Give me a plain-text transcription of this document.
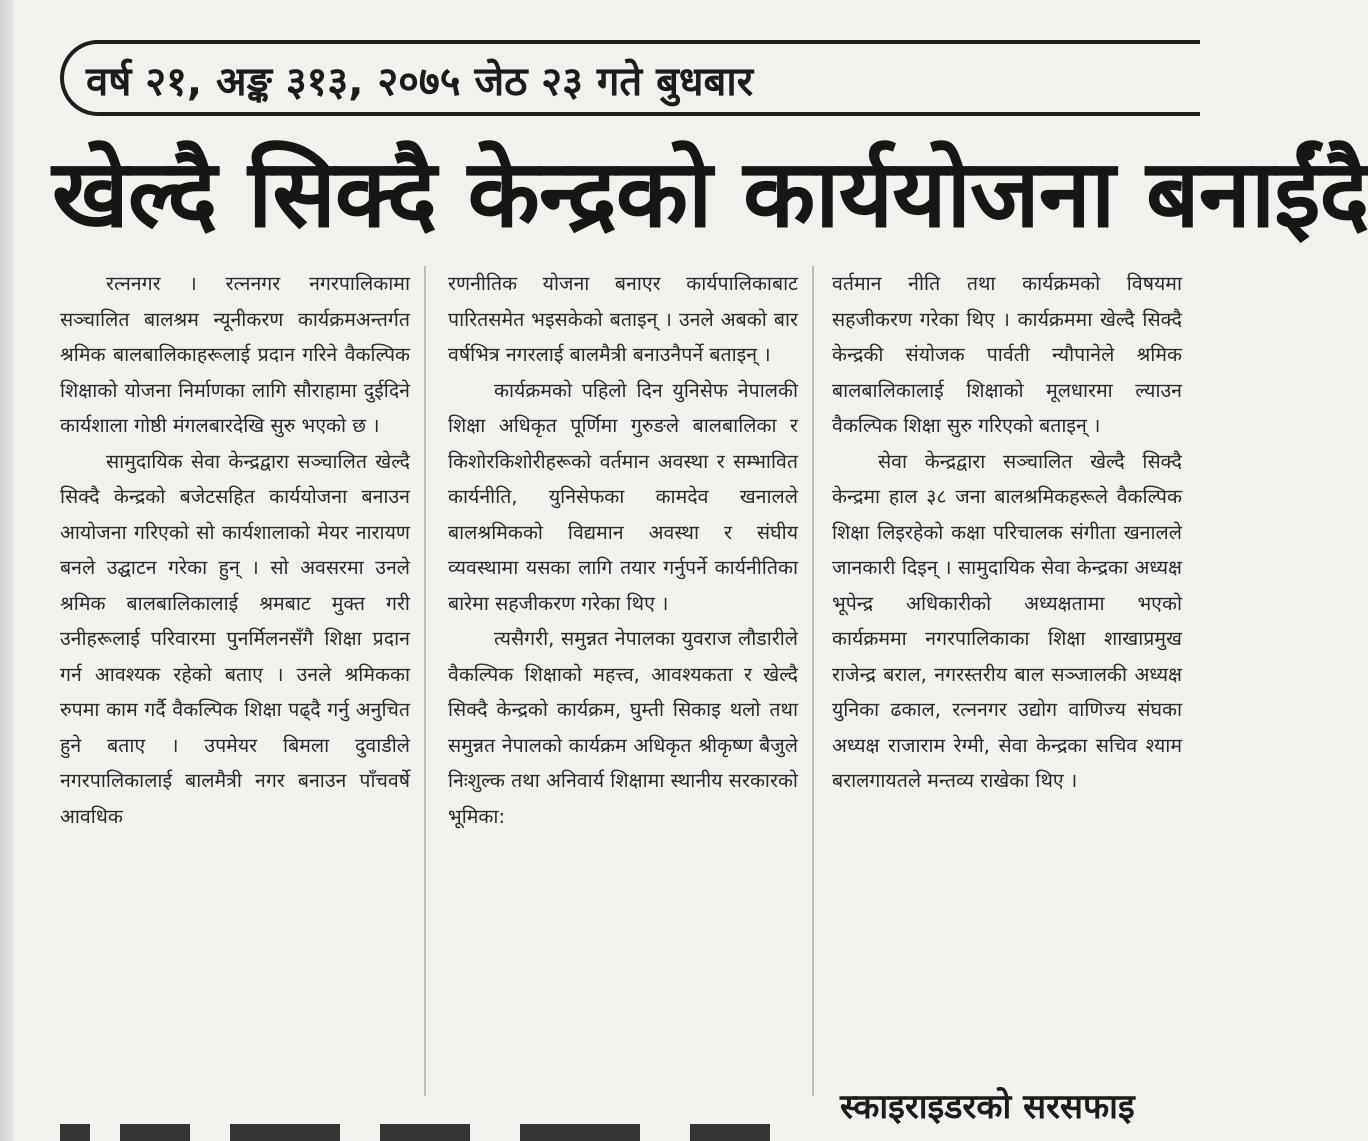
वर्ष २१, अङ्क ३१३, २०७५ जेठ २३ गते बुधबार
खेल्दै सिक्दै केन्द्रको कार्ययोजना बनाईंदै

रत्ननगर । रत्ननगर नगरपालिकामा सञ्चालित बालश्रम न्यूनीकरण कार्यक्रमअन्तर्गत श्रमिक बालबालिकाहरूलाई प्रदान गरिने वैकल्पिक शिक्षाको योजना निर्माणका लागि सौराहामा दुईदिने कार्यशाला गोष्ठी मंगलबारदेखि सुरु भएको छ ।

सामुदायिक सेवा केन्द्रद्वारा सञ्चालित खेल्दै सिक्दै केन्द्रको बजेटसहित कार्ययोजना बनाउन आयोजना गरिएको सो कार्यशालाको मेयर नारायण बनले उद्घाटन गरेका हुन् । सो अवसरमा उनले श्रमिक बालबालिकालाई श्रमबाट मुक्त गरी उनीहरूलाई परिवारमा पुनर्मिलनसँगै शिक्षा प्रदान गर्न आवश्यक रहेको बताए । उनले श्रमिकका रुपमा काम गर्दै वैकल्पिक शिक्षा पढ्दै गर्नु अनुचित हुने बताए । उपमेयर बिमला दुवाडीले नगरपालिकालाई बालमैत्री नगर बनाउन पाँचवर्षे आवधिक

रणनीतिक योजना बनाएर कार्यपालिकाबाट पारितसमेत भइसकेको बताइन् । उनले अबको बार वर्षभित्र नगरलाई बालमैत्री बनाउनैपर्ने बताइन् ।

कार्यक्रमको पहिलो दिन युनिसेफ नेपालकी शिक्षा अधिकृत पूर्णिमा गुरुङले बालबालिका र किशोरकिशोरीहरूको वर्तमान अवस्था र सम्भावित कार्यनीति, युनिसेफका कामदेव खनालले बालश्रमिकको विद्यमान अवस्था र संघीय व्यवस्थामा यसका लागि तयार गर्नुपर्ने कार्यनीतिका बारेमा सहजीकरण गरेका थिए ।

त्यसैगरी, समुन्नत नेपालका युवराज लौडारीले वैकल्पिक शिक्षाको महत्त्व, आवश्यकता र खेल्दै सिक्दै केन्द्रको कार्यक्रम, घुम्ती सिकाइ थलो तथा समुन्नत नेपालको कार्यक्रम अधिकृत श्रीकृष्ण बैजुले निःशुल्क तथा अनिवार्य शिक्षामा स्थानीय सरकारको भूमिका:

वर्तमान नीति तथा कार्यक्रमको विषयमा सहजीकरण गरेका थिए । कार्यक्रममा खेल्दै सिक्दै केन्द्रकी संयोजक पार्वती न्यौपानेले श्रमिक बालबालिकालाई शिक्षाको मूलधारमा ल्याउन वैकल्पिक शिक्षा सुरु गरिएको बताइन् ।

सेवा केन्द्रद्वारा सञ्चालित खेल्दै सिक्दै केन्द्रमा हाल ३८ जना बालश्रमिकहरूले वैकल्पिक शिक्षा लिइरहेको कक्षा परिचालक संगीता खनालले जानकारी दिइन् । सामुदायिक सेवा केन्द्रका अध्यक्ष भूपेन्द्र अधिकारीको अध्यक्षतामा भएको कार्यक्रममा नगरपालिकाका शिक्षा शाखाप्रमुख राजेन्द्र बराल, नगरस्तरीय बाल सञ्जालकी अध्यक्ष युनिका ढकाल, रत्ननगर उद्योग वाणिज्य संघका अध्यक्ष राजाराम रेग्मी, सेवा केन्द्रका सचिव श्याम बरालगायतले मन्तव्य राखेका थिए ।

स्काइराइडरको सरसफाइ
